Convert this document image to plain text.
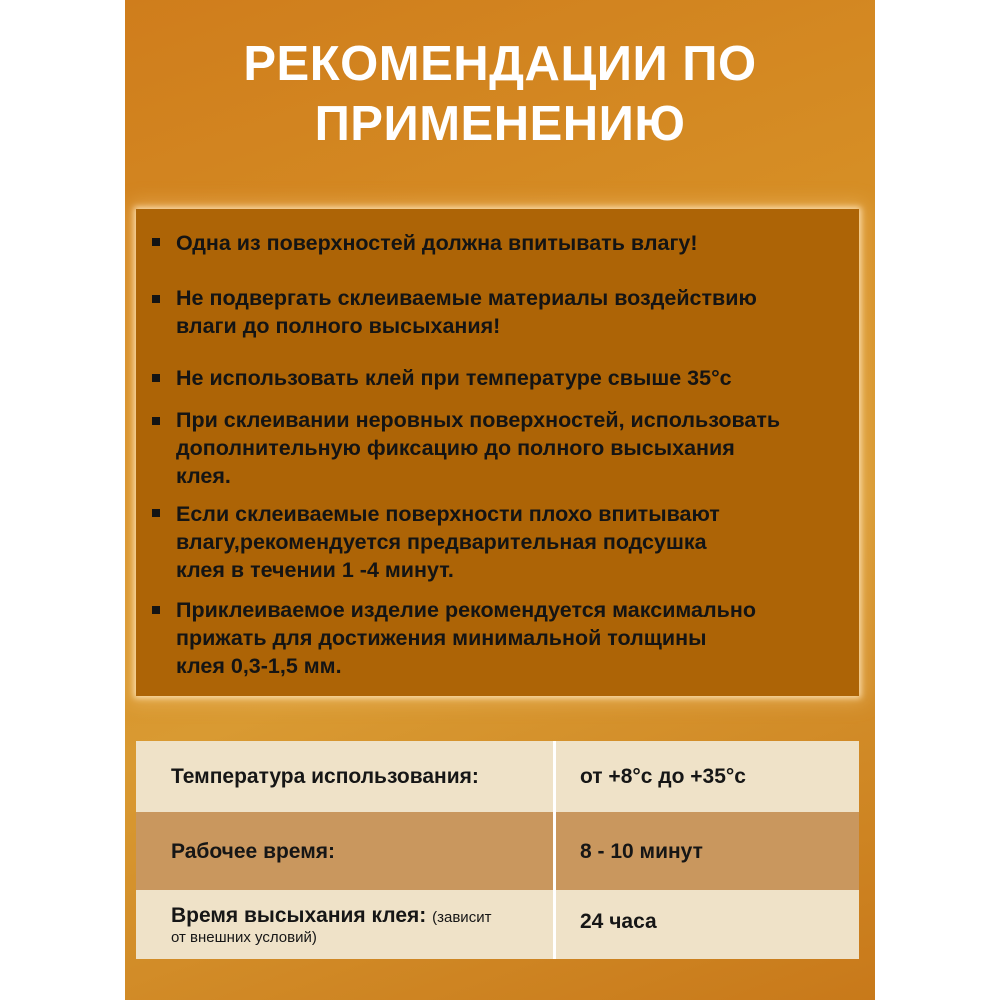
РЕКОМЕНДАЦИИ ПО
ПРИМЕНЕНИЮ
Одна из поверхностей должна впитывать влагу!
Не подвергать склеиваемые материалы воздействию
влаги до полного высыхания!
Не использовать клей при температуре свыше 35°с
При склеивании неровных поверхностей, использовать
дополнительную фиксацию до полного высыхания
клея.
Если склеиваемые поверхности плохо впитывают
влагу,рекомендуется предварительная подсушка
клея в течении 1 -4 минут.
Приклеиваемое изделие рекомендуется максимально
прижать для достижения минимальной толщины
клея 0,3-1,5 мм.
Температура использования:	от +8°с до +35°с
Рабочее время:	8 - 10 минут
Время высыхания клея: (зависит
от внешних условий)
24 часа
